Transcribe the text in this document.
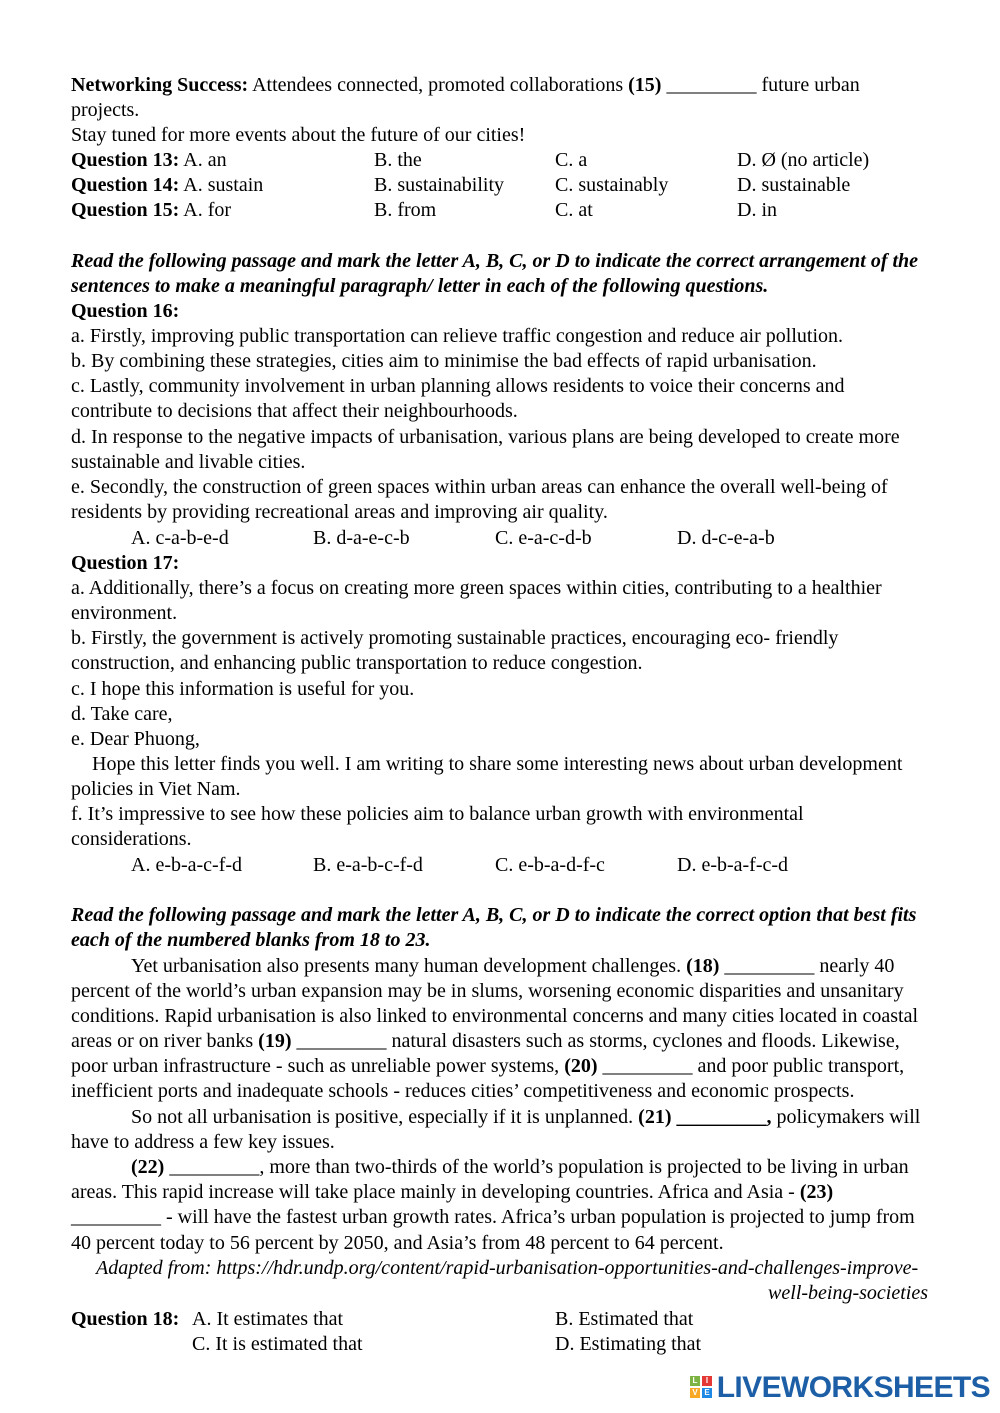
Networking Success: Attendees connected, promoted collaborations (15) _________ future urban
projects.
Stay tuned for more events about the future of our cities!
Question 13: A. an	B. the	C. a	D. Ø (no article)
Question 14: A. sustain	B. sustainability	C. sustainably	D. sustainable
Question 15: A. for	B. from	C. at	D. in
Read the following passage and mark the letter A, B, C, or D to indicate the correct arrangement of the
sentences to make a meaningful paragraph/ letter in each of the following questions.
Question 16:
a. Firstly, improving public transportation can relieve traffic congestion and reduce air pollution.
b. By combining these strategies, cities aim to minimise the bad effects of rapid urbanisation.
c. Lastly, community involvement in urban planning allows residents to voice their concerns and
contribute to decisions that affect their neighbourhoods.
d. In response to the negative impacts of urbanisation, various plans are being developed to create more
sustainable and livable cities.
e. Secondly, the construction of green spaces within urban areas can enhance the overall well-being of
residents by providing recreational areas and improving air quality.
A. c-a-b-e-d	B. d-a-e-c-b	C. e-a-c-d-b	D. d-c-e-a-b
Question 17:
a. Additionally, there’s a focus on creating more green spaces within cities, contributing to a healthier
environment.
b. Firstly, the government is actively promoting sustainable practices, encouraging eco- friendly
construction, and enhancing public transportation to reduce congestion.
c. I hope this information is useful for you.
d. Take care,
e. Dear Phuong,
Hope this letter finds you well. I am writing to share some interesting news about urban development
policies in Viet Nam.
f. It’s impressive to see how these policies aim to balance urban growth with environmental
considerations.
A. e-b-a-c-f-d	B. e-a-b-c-f-d	C. e-b-a-d-f-c	D. e-b-a-f-c-d
Read the following passage and mark the letter A, B, C, or D to indicate the correct option that best fits
each of the numbered blanks from 18 to 23.
Yet urbanisation also presents many human development challenges. (18) _________ nearly 40
percent of the world’s urban expansion may be in slums, worsening economic disparities and unsanitary
conditions. Rapid urbanisation is also linked to environmental concerns and many cities located in coastal
areas or on river banks (19) _________ natural disasters such as storms, cyclones and floods. Likewise,
poor urban infrastructure - such as unreliable power systems, (20) _________ and poor public transport,
inefficient ports and inadequate schools - reduces cities’ competitiveness and economic prospects.
So not all urbanisation is positive, especially if it is unplanned. (21) _________, policymakers will
have to address a few key issues.
(22) _________, more than two-thirds of the world’s population is projected to be living in urban
areas. This rapid increase will take place mainly in developing countries. Africa and Asia - (23)
_________ - will have the fastest urban growth rates. Africa’s urban population is projected to jump from
40 percent today to 56 percent by 2050, and Asia’s from 48 percent to 64 percent.
Adapted from: https://hdr.undp.org/content/rapid-urbanisation-opportunities-and-challenges-improve-
well-being-societies
Question 18: A. It estimates that	B. Estimated that
C. It is estimated that	D. Estimating that
L	I
V E LIVEWORKSHEETS
